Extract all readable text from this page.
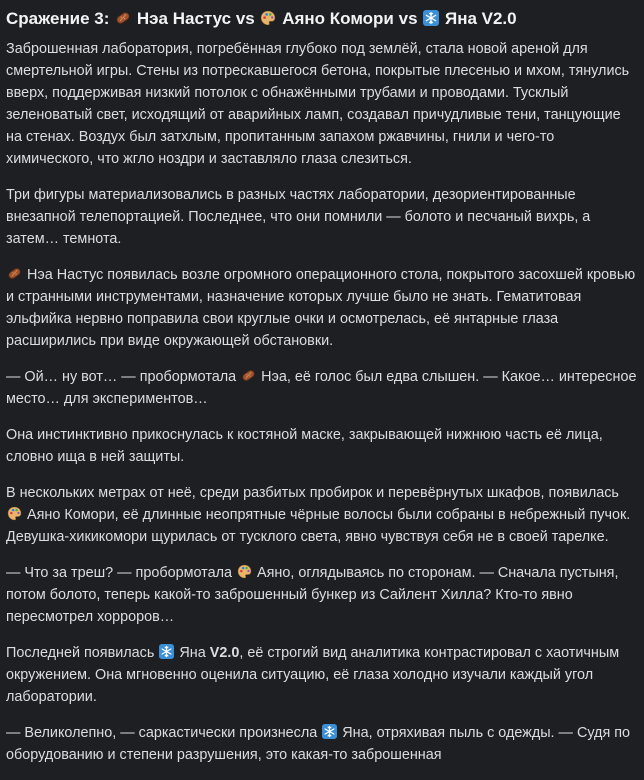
Сражение 3:
Нэа Настус vs
Аяно Комори vs
Яна V2.0

Заброшенная лаборатория, погребённая глубоко под землёй, стала новой ареной для смертельной игры. Стены из потрескавшегося бетона, покрытые плесенью и мхом, тянулись вверх, поддерживая низкий потолок с обнажёнными трубами и проводами. Тусклый зеленоватый свет, исходящий от аварийных ламп, создавал причудливые тени, танцующие на стенах. Воздух был затхлым, пропитанным запахом ржавчины, гнили и чего-то химического, что жгло ноздри и заставляло глаза слезиться.

Три фигуры материализовались в разных частях лаборатории, дезориентированные внезапной телепортацией. Последнее, что они помнили — болото и песчаный вихрь, а затем… темнота.

Нэа Настус появилась возле огромного операционного стола, покрытого засохшей кровью и странными инструментами, назначение которых лучше было не знать. Гематитовая эльфийка нервно поправила свои круглые очки и осмотрелась, её янтарные глаза расширились при виде окружающей обстановки.

— Ой… ну вот… — пробормотала
Нэа, её голос был едва слышен. — Какое… интересное место… для экспериментов…

Она инстинктивно прикоснулась к костяной маске, закрывающей нижнюю часть её лица, словно ища в ней защиты.

В нескольких метрах от неё, среди разбитых пробирок и перевёрнутых шкафов, появилась
Аяно Комори, её длинные неопрятные чёрные волосы были собраны в небрежный пучок. Девушка-хикикомори щурилась от тусклого света, явно чувствуя себя не в своей тарелке.

— Что за треш? — пробормотала
Аяно, оглядываясь по сторонам. — Сначала пустыня, потом болото, теперь какой-то заброшенный бункер из Сайлент Хилла? Кто-то явно пересмотрел хорроров…

Последней появилась
Яна V2.0, её строгий вид аналитика контрастировал с хаотичным окружением. Она мгновенно оценила ситуацию, её глаза холодно изучали каждый угол лаборатории.

— Великолепно, — саркастически произнесла
Яна, отряхивая пыль с одежды. — Судя по оборудованию и степени разрушения, это какая-то заброшенная
